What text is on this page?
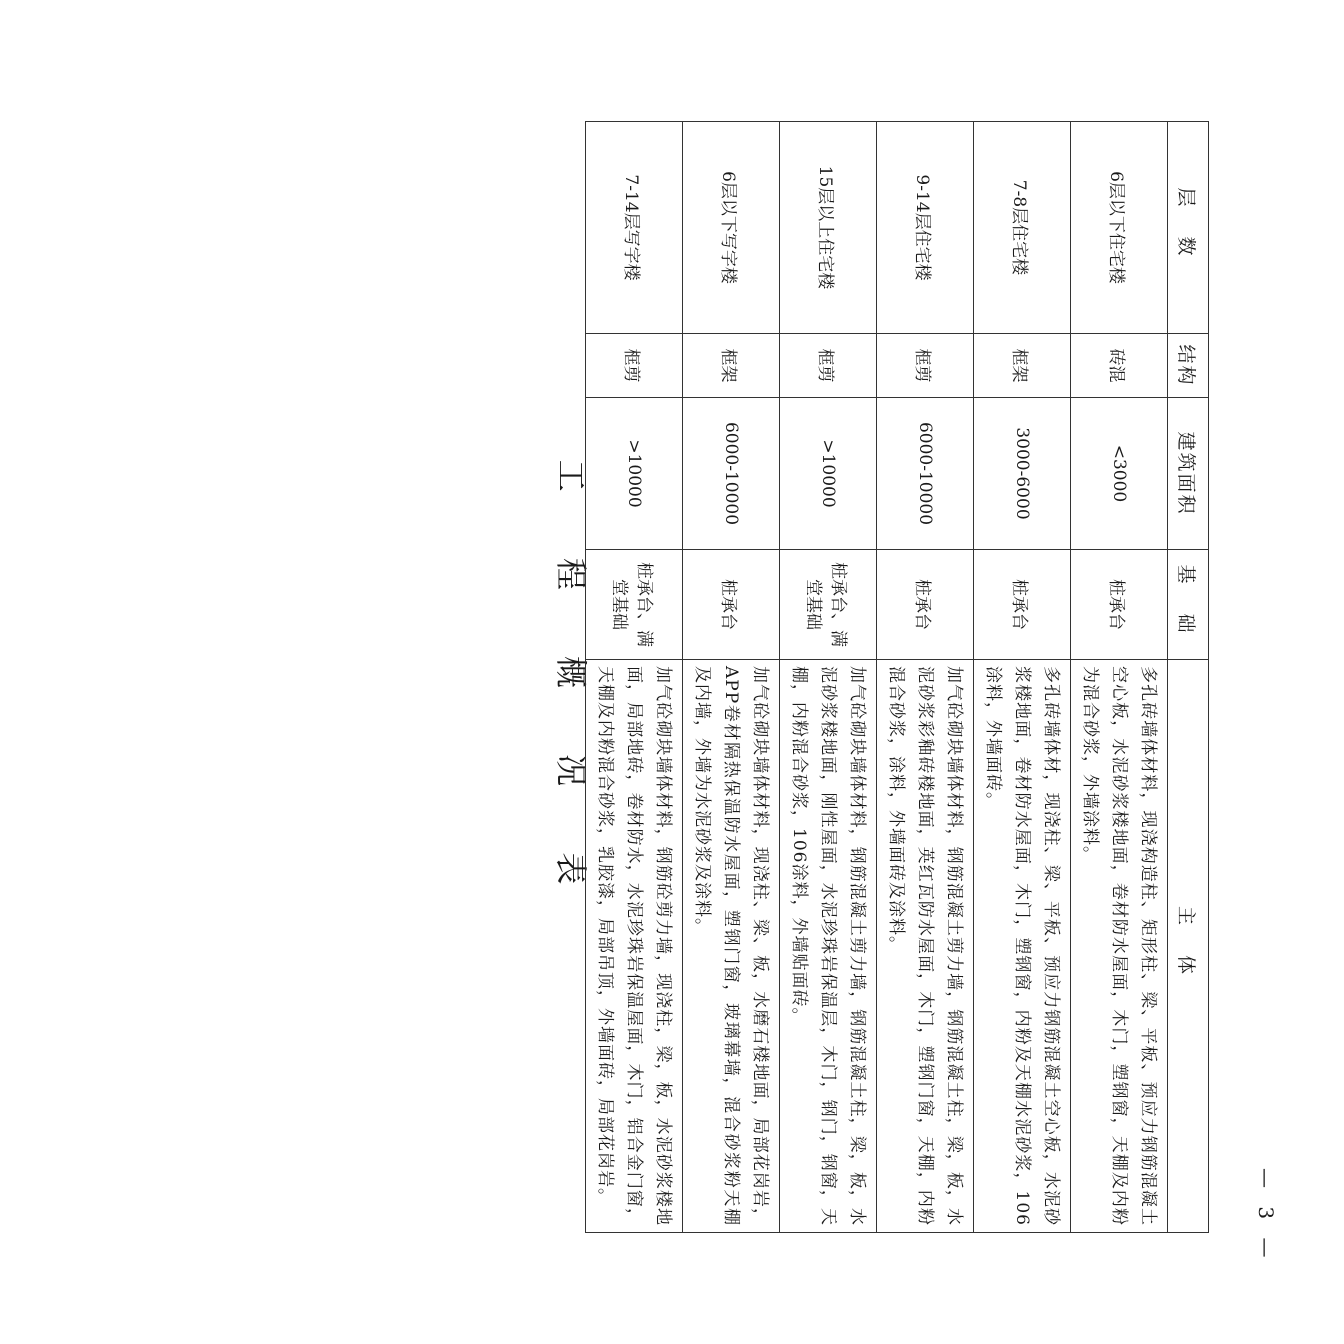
— 3 —
工 程 概 况 表
层 数	结构	建筑面积	基 础	主 体
6层以下住宅楼	砖混	<3000	桩承台	多孔砖墙体材料，现浇构造柱、矩形柱、梁、平板、预应力钢筋混凝土空心板，水泥砂浆楼地面，卷材防水屋面，木门，塑钢窗，天棚及内粉为混合砂浆，外墙涂料。
7-8层住宅楼	框架	3000-6000	桩承台	多孔砖墙体材，现浇柱、梁、平板、预应力钢筋混凝土空心板，水泥砂浆楼地面，卷材防水屋面，木门，塑钢窗，内粉及天棚水泥砂浆，106涂料，外墙面砖。
9-14层住宅楼	框剪	6000-10000	桩承台	加气砼砌块墙体材料，钢筋混凝土剪力墙，钢筋混凝土柱，梁，板，水泥砂浆彩釉砖楼地面，英红瓦防水屋面，木门，塑钢门窗，天棚，内粉混合砂浆，涂料，外墙面砖及涂料。
15层以上住宅楼	框剪	>10000	桩承台、满堂基础	加气砼砌块墙体材料，钢筋混凝土剪力墙，钢筋混凝土柱，梁，板，水泥砂浆楼地面，刚性屋面，水泥珍珠岩保温层，木门，钢门，钢窗，天棚，内粉混合砂浆，106涂料，外墙贴面砖。
6层以下写字楼	框架	6000-10000	桩承台	加气砼砌块墙体材料，现浇柱、梁、板，水磨石楼地面，局部花岗岩，APP卷材隔热保温防水屋面，塑钢门窗，玻璃幕墙，混合砂浆粉天棚及内墙，外墙为水泥砂浆及涂料。
7-14层写字楼	框剪	>10000	桩承台、满堂基础	加气砼砌块墙体材料，钢筋砼剪力墙，现浇柱，梁，板，水泥砂浆楼地面，局部地砖，卷材防水，水泥珍珠岩保温屋面，木门，铝合金门窗，天棚及内粉混合砂浆，乳胶漆，局部吊顶，外墙面砖，局部花岗岩。
